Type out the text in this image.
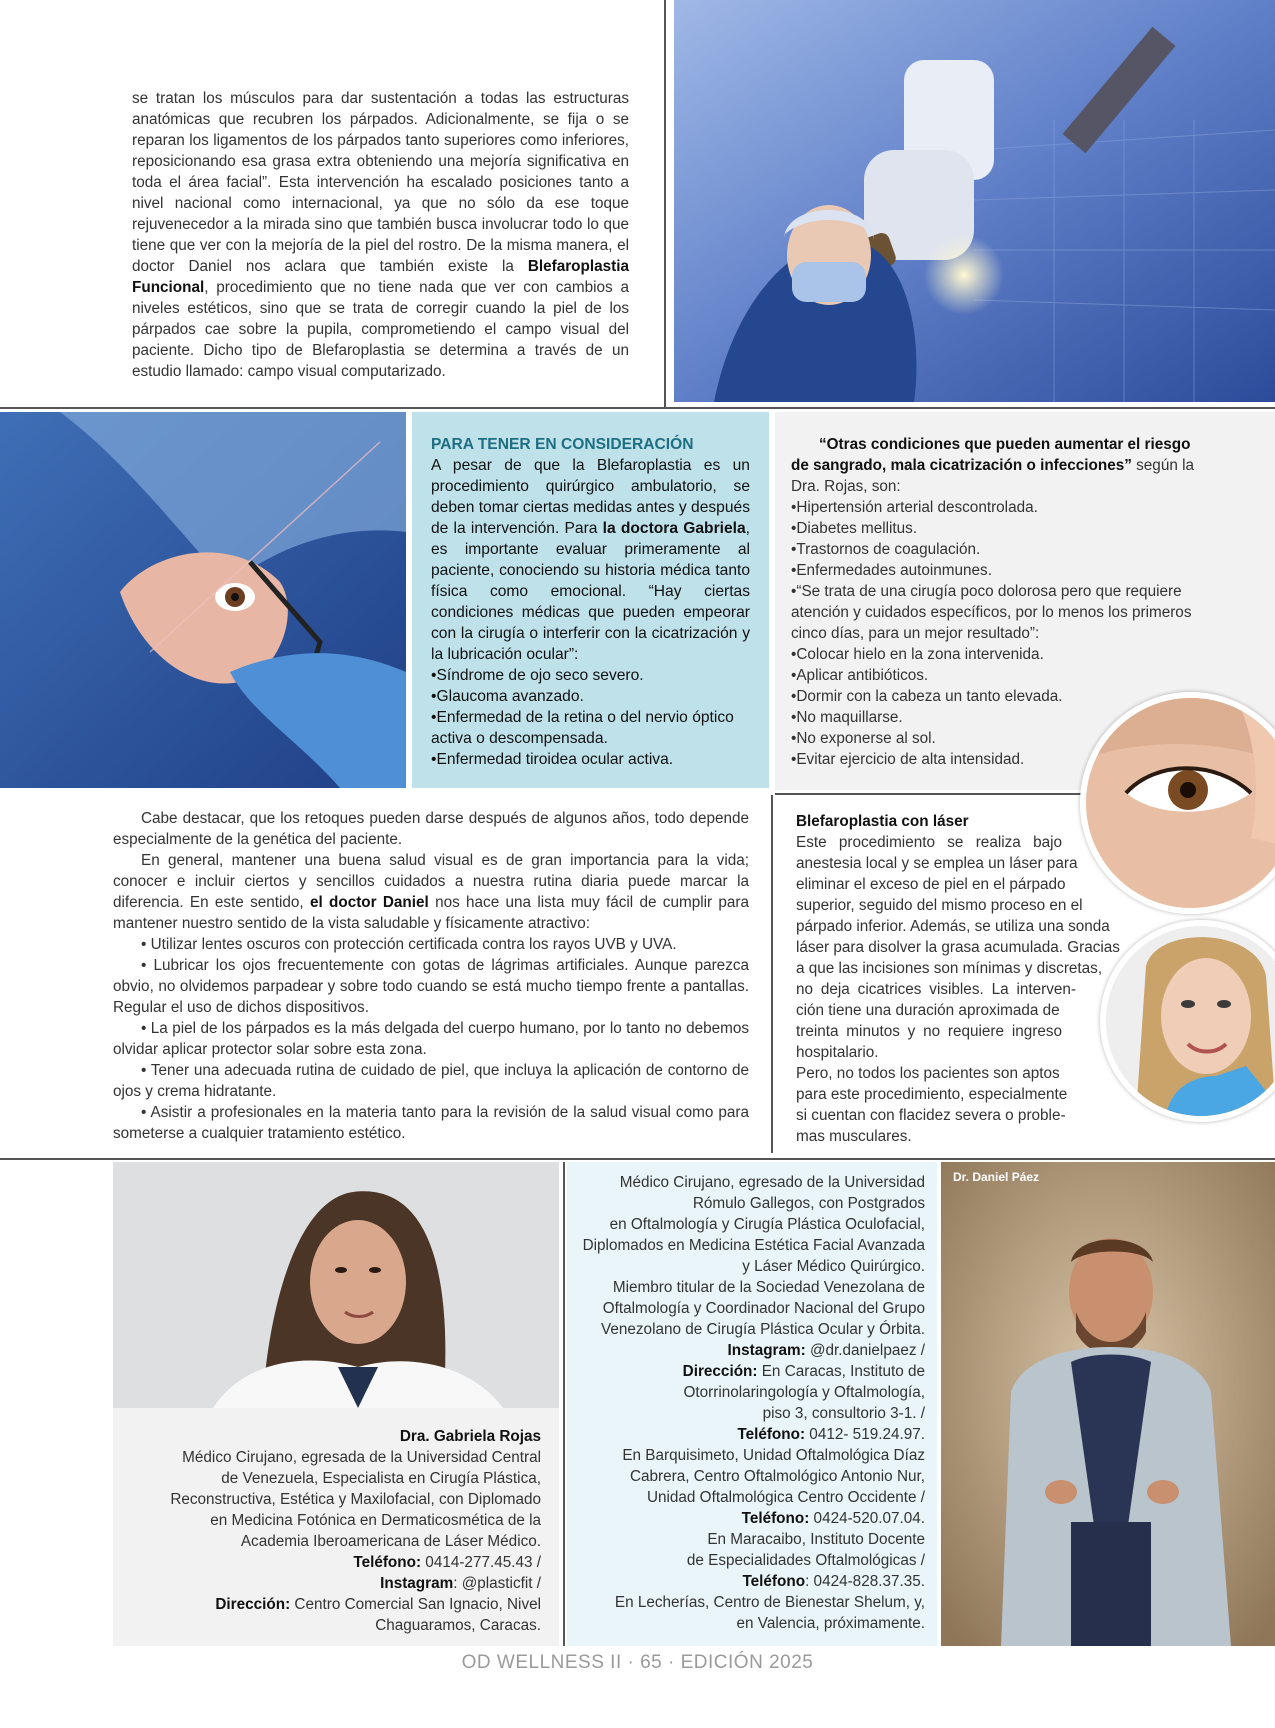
se tratan los músculos para dar sustentación a todas las estructuras anatómicas que recubren los párpados. Adicionalmente, se fija o se reparan los ligamentos de los párpados tanto superiores como inferiores, reposicionando esa grasa extra obteniendo una mejoría significativa en toda el área facial”. Esta intervención ha escalado posiciones tanto a nivel nacional como internacional, ya que no sólo da ese toque rejuvenecedor a la mirada sino que también busca involucrar todo lo que tiene que ver con la mejoría de la piel del rostro. De la misma manera, el doctor Daniel nos aclara que también existe la Blefaroplastia Funcional, procedimiento que no tiene nada que ver con cambios a niveles estéticos, sino que se trata de corregir cuando la piel de los párpados cae sobre la pupila, comprometiendo el campo visual del paciente. Dicho tipo de Blefaroplastia se determina a través de un estudio llamado: campo visual computarizado.
PARA TENER EN CONSIDERACIÓN

A pesar de que la Blefaroplastia es un procedimiento quirúrgico ambulatorio, se deben tomar ciertas medidas antes y después de la intervención. Para la doctora Gabriela, es importante evaluar primeramente al paciente, conociendo su historia médica tanto física como emocional. “Hay ciertas condiciones médicas que pueden empeorar con la cirugía o interferir con la cicatrización y la lubricación ocular”:

• Síndrome de ojo seco severo.
• Glaucoma avanzado.
• Enfermedad de la retina o del nervio óptico activa o descompensada.
• Enfermedad tiroidea ocular activa.

“Otras condiciones que pueden aumentar el riesgo de sangrado, mala cicatrización o infecciones” según la Dra. Rojas, son:

• Hipertensión arterial descontrolada.
• Diabetes mellitus.
• Trastornos de coagulación.
• Enfermedades autoinmunes.
• “Se trata de una cirugía poco dolorosa pero que requiere atención y cuidados específicos, por lo menos los primeros cinco días, para un mejor resultado”:
• Colocar hielo en la zona intervenida.
• Aplicar antibióticos.
• Dormir con la cabeza un tanto elevada.
• No maquillarse.
• No exponerse al sol.
• Evitar ejercicio de alta intensidad.

Cabe destacar, que los retoques pueden darse después de algunos años, todo depende especialmente de la genética del paciente.

En general, mantener una buena salud visual es de gran importancia para la vida; conocer e incluir ciertos y sencillos cuidados a nuestra rutina diaria puede marcar la diferencia. En este sentido, el doctor Daniel nos hace una lista muy fácil de cumplir para mantener nuestro sentido de la vista saludable y físicamente atractivo:

• Utilizar lentes oscuros con protección certificada contra los rayos UVB y UVA.

• Lubricar los ojos frecuentemente con gotas de lágrimas artificiales. Aunque parezca obvio, no olvidemos parpadear y sobre todo cuando se está mucho tiempo frente a pantallas. Regular el uso de dichos dispositivos.

• La piel de los párpados es la más delgada del cuerpo humano, por lo tanto no debemos olvidar aplicar protector solar sobre esta zona.

• Tener una adecuada rutina de cuidado de piel, que incluya la aplicación de contorno de ojos y crema hidratante.

• Asistir a profesionales en la materia tanto para la revisión de la salud visual como para someterse a cualquier tratamiento estético.

Blefaroplastia con láser
Este procedimiento se realiza bajo
anestesia local y se emplea un láser para
eliminar el exceso de piel en el párpado
superior, seguido del mismo proceso en el
párpado inferior. Además, se utiliza una sonda
láser para disolver la grasa acumulada. Gracias
a que las incisiones son mínimas y discretas,
no deja cicatrices visibles. La interven-
ción tiene una duración aproximada de
treinta minutos y no requiere ingreso
hospitalario.
Pero, no todos los pacientes son aptos
para este procedimiento, especialmente
si cuentan con flacidez severa o proble-
mas musculares.
Dra. Gabriela Rojas
Médico Cirujano, egresada de la Universidad Central
de Venezuela, Especialista en Cirugía Plástica,
Reconstructiva, Estética y Maxilofacial, con Diplomado
en Medicina Fotónica en Dermaticosmética de la
Academia Iberoamericana de Láser Médico.
Teléfono: 0414-277.45.43 /
Instagram: @plasticfit /
Dirección: Centro Comercial San Ignacio, Nivel
Chaguaramos, Caracas.
Médico Cirujano, egresado de la Universidad
Rómulo Gallegos, con Postgrados
en Oftalmología y Cirugía Plástica Oculofacial,
Diplomados en Medicina Estética Facial Avanzada
y Láser Médico Quirúrgico.
Miembro titular de la Sociedad Venezolana de
Oftalmología y Coordinador Nacional del Grupo
Venezolano de Cirugía Plástica Ocular y Órbita.
Instagram: @dr.danielpaez /
Dirección: En Caracas, Instituto de
Otorrinolaringología y Oftalmología,
piso 3, consultorio 3-1. /
Teléfono: 0412- 519.24.97.
En Barquisimeto, Unidad Oftalmológica Díaz
Cabrera, Centro Oftalmológico Antonio Nur,
Unidad Oftalmológica Centro Occidente /
Teléfono: 0424-520.07.04.
En Maracaibo, Instituto Docente
de Especialidades Oftalmológicas /
Teléfono: 0424-828.37.35.
En Lecherías, Centro de Bienestar Shelum, y,
en Valencia, próximamente.
Dr. Daniel Páez
OD WELLNESS II · 65 · EDICIÓN 2025
